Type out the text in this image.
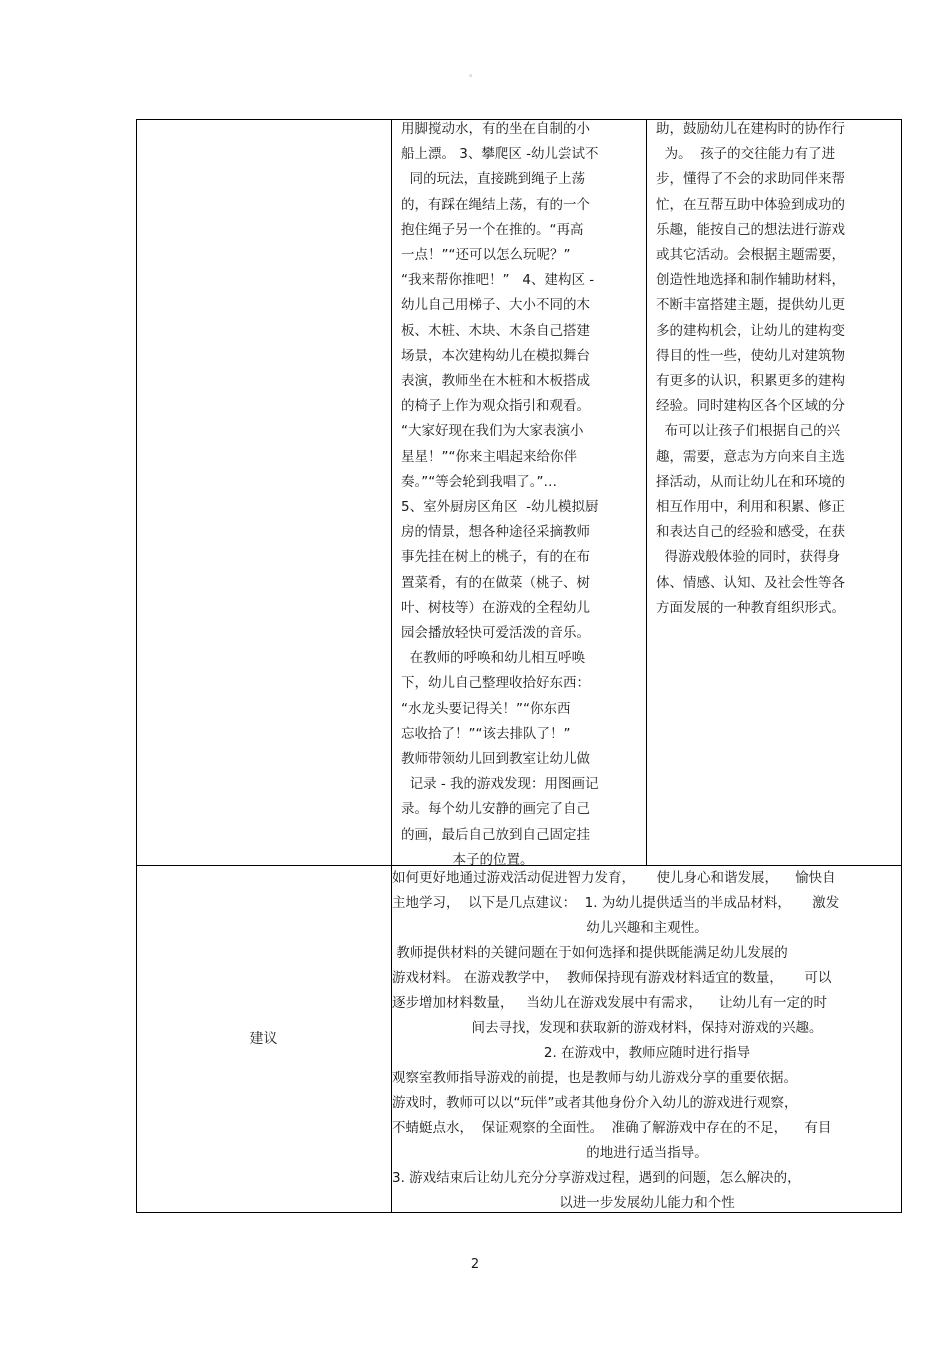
。
用脚搅动水，有的坐在自制的小
船上漂。 3、攀爬区 -幼儿尝试不
同的玩法，直接跳到绳子上荡
的，有踩在绳结上荡，有的一个
抱住绳子另一个在推的。“再高
一点！”“还可以怎么玩呢？”
“我来帮你推吧！”   4、建构区 -
幼儿自己用梯子、大小不同的木
板、木桩、木块、木条自己搭建
场景，本次建构幼儿在模拟舞台
表演，教师坐在木桩和木板搭成
的椅子上作为观众指引和观看。
“大家好现在我们为大家表演小
星星！”“你来主唱起来给你伴
奏。”“等会轮到我唱了。”…
5、室外厨房区角区  -幼儿模拟厨
房的情景，想各种途径采摘教师
事先挂在树上的桃子，有的在布
置菜肴，有的在做菜（桃子、树
叶、树枝等）在游戏的全程幼儿
园会播放轻快可爱活泼的音乐。
在教师的呼唤和幼儿相互呼唤
下，幼儿自己整理收拾好东西：
“水龙头要记得关！”“你东西
忘收拾了！”“该去排队了！”
教师带领幼儿回到教室让幼儿做
记录 - 我的游戏发现：用图画记
录。每个幼儿安静的画完了自己
的画，最后自己放到自己固定挂
本子的位置。
助，鼓励幼儿在建构时的协作行
为。  孩子的交往能力有了进
步，懂得了不会的求助同伴来帮
忙，在互帮互助中体验到成功的
乐趣，能按自己的想法进行游戏
或其它活动。会根据主题需要，
创造性地选择和制作辅助材料，
不断丰富搭建主题，提供幼儿更
多的建构机会，让幼儿的建构变
得目的性一些，使幼儿对建筑物
有更多的认识，积累更多的建构
经验。同时建构区各个区域的分
布可以让孩子们根据自己的兴
趣，需要，意志为方向来自主选
择活动，从而让幼儿在和环境的
相互作用中，利用和积累、修正
和表达自己的经验和感受，在获
得游戏般体验的同时，获得身
体、情感、认知、及社会性等各
方面发展的一种教育组织形式。
建议
如何更好地通过游戏活动促进智力发育，     使儿身心和谐发展，    愉快自
主地学习，  以下是几点建议：  1. 为幼儿提供适当的半成品材料，     激发
幼儿兴趣和主观性。
教师提供材料的关键问题在于如何选择和提供既能满足幼儿发展的
游戏材料。 在游戏教学中，  教师保持现有游戏材料适宜的数量，     可以
逐步增加材料数量，   当幼儿在游戏发展中有需求，    让幼儿有一定的时
间去寻找，发现和获取新的游戏材料，保持对游戏的兴趣。
2. 在游戏中，教师应随时进行指导
观察室教师指导游戏的前提，也是教师与幼儿游戏分享的重要依据。
游戏时，教师可以以“玩伴”或者其他身份介入幼儿的游戏进行观察，
不蜻蜓点水，  保证观察的全面性。  准确了解游戏中存在的不足，    有目
的地进行适当指导。
3. 游戏结束后让幼儿充分分享游戏过程，遇到的问题，怎么解决的，
以进一步发展幼儿能力和个性
2
